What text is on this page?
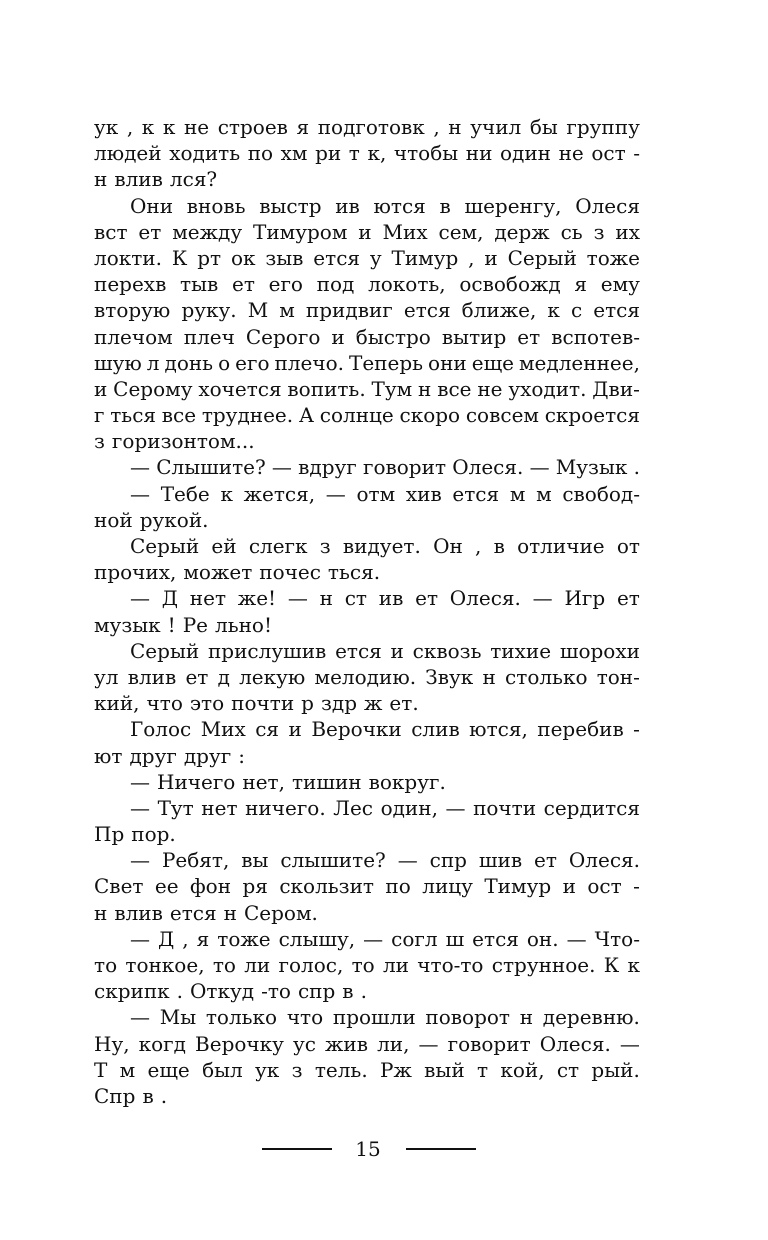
ук , к к не строев я подготовк , н учил бы группу
людей ходить по хм ри т к, чтобы ни один не ост -
н влив лся?
Они вновь выстр ив ются в шеренгу, Олеся
вст ет между Тимуром и Мих сем, держ сь з их
локти. К рт ок зыв ется у Тимур , и Серый тоже
перехв тыв ет его под локоть, освобожд я ему
вторую руку. М м придвиг ется ближе, к с ется
плечом плеч Серого и быстро вытир ет вспотев-
шую л донь о его плечо. Теперь они еще медленнее,
и Серому хочется вопить. Тум н все не уходит. Дви-
г ться все труднее. А солнце скоро совсем скроется
з горизонтом...
— Слышите? — вдруг говорит Олеся. — Музык .
— Тебе к жется, — отм хив ется м м свобод-
ной рукой.
Серый ей слегк з видует. Он , в отличие от
прочих, может почес ться.
— Д нет же! — н ст ив ет Олеся. — Игр ет
музык ! Ре льно!
Серый прислушив ется и сквозь тихие шорохи
ул влив ет д лекую мелодию. Звук н столько тон-
кий, что это почти р здр ж ет.
Голос Мих ся и Верочки слив ются, перебив -
ют друг друг :
— Ничего нет, тишин вокруг.
— Тут нет ничего. Лес один, — почти сердится
Пр пор.
— Ребят, вы слышите? — спр шив ет Олеся.
Свет ее фон ря скользит по лицу Тимур и ост -
н влив ется н Сером.
— Д , я тоже слышу, — согл ш ется он. — Что-
то тонкое, то ли голос, то ли что-то струнное. К к
скрипк . Откуд -то спр в .
— Мы только что прошли поворот н деревню.
Ну, когд Верочку ус жив ли, — говорит Олеся. —
Т м еще был ук з тель. Рж вый т кой, ст рый.
Спр в .
15
